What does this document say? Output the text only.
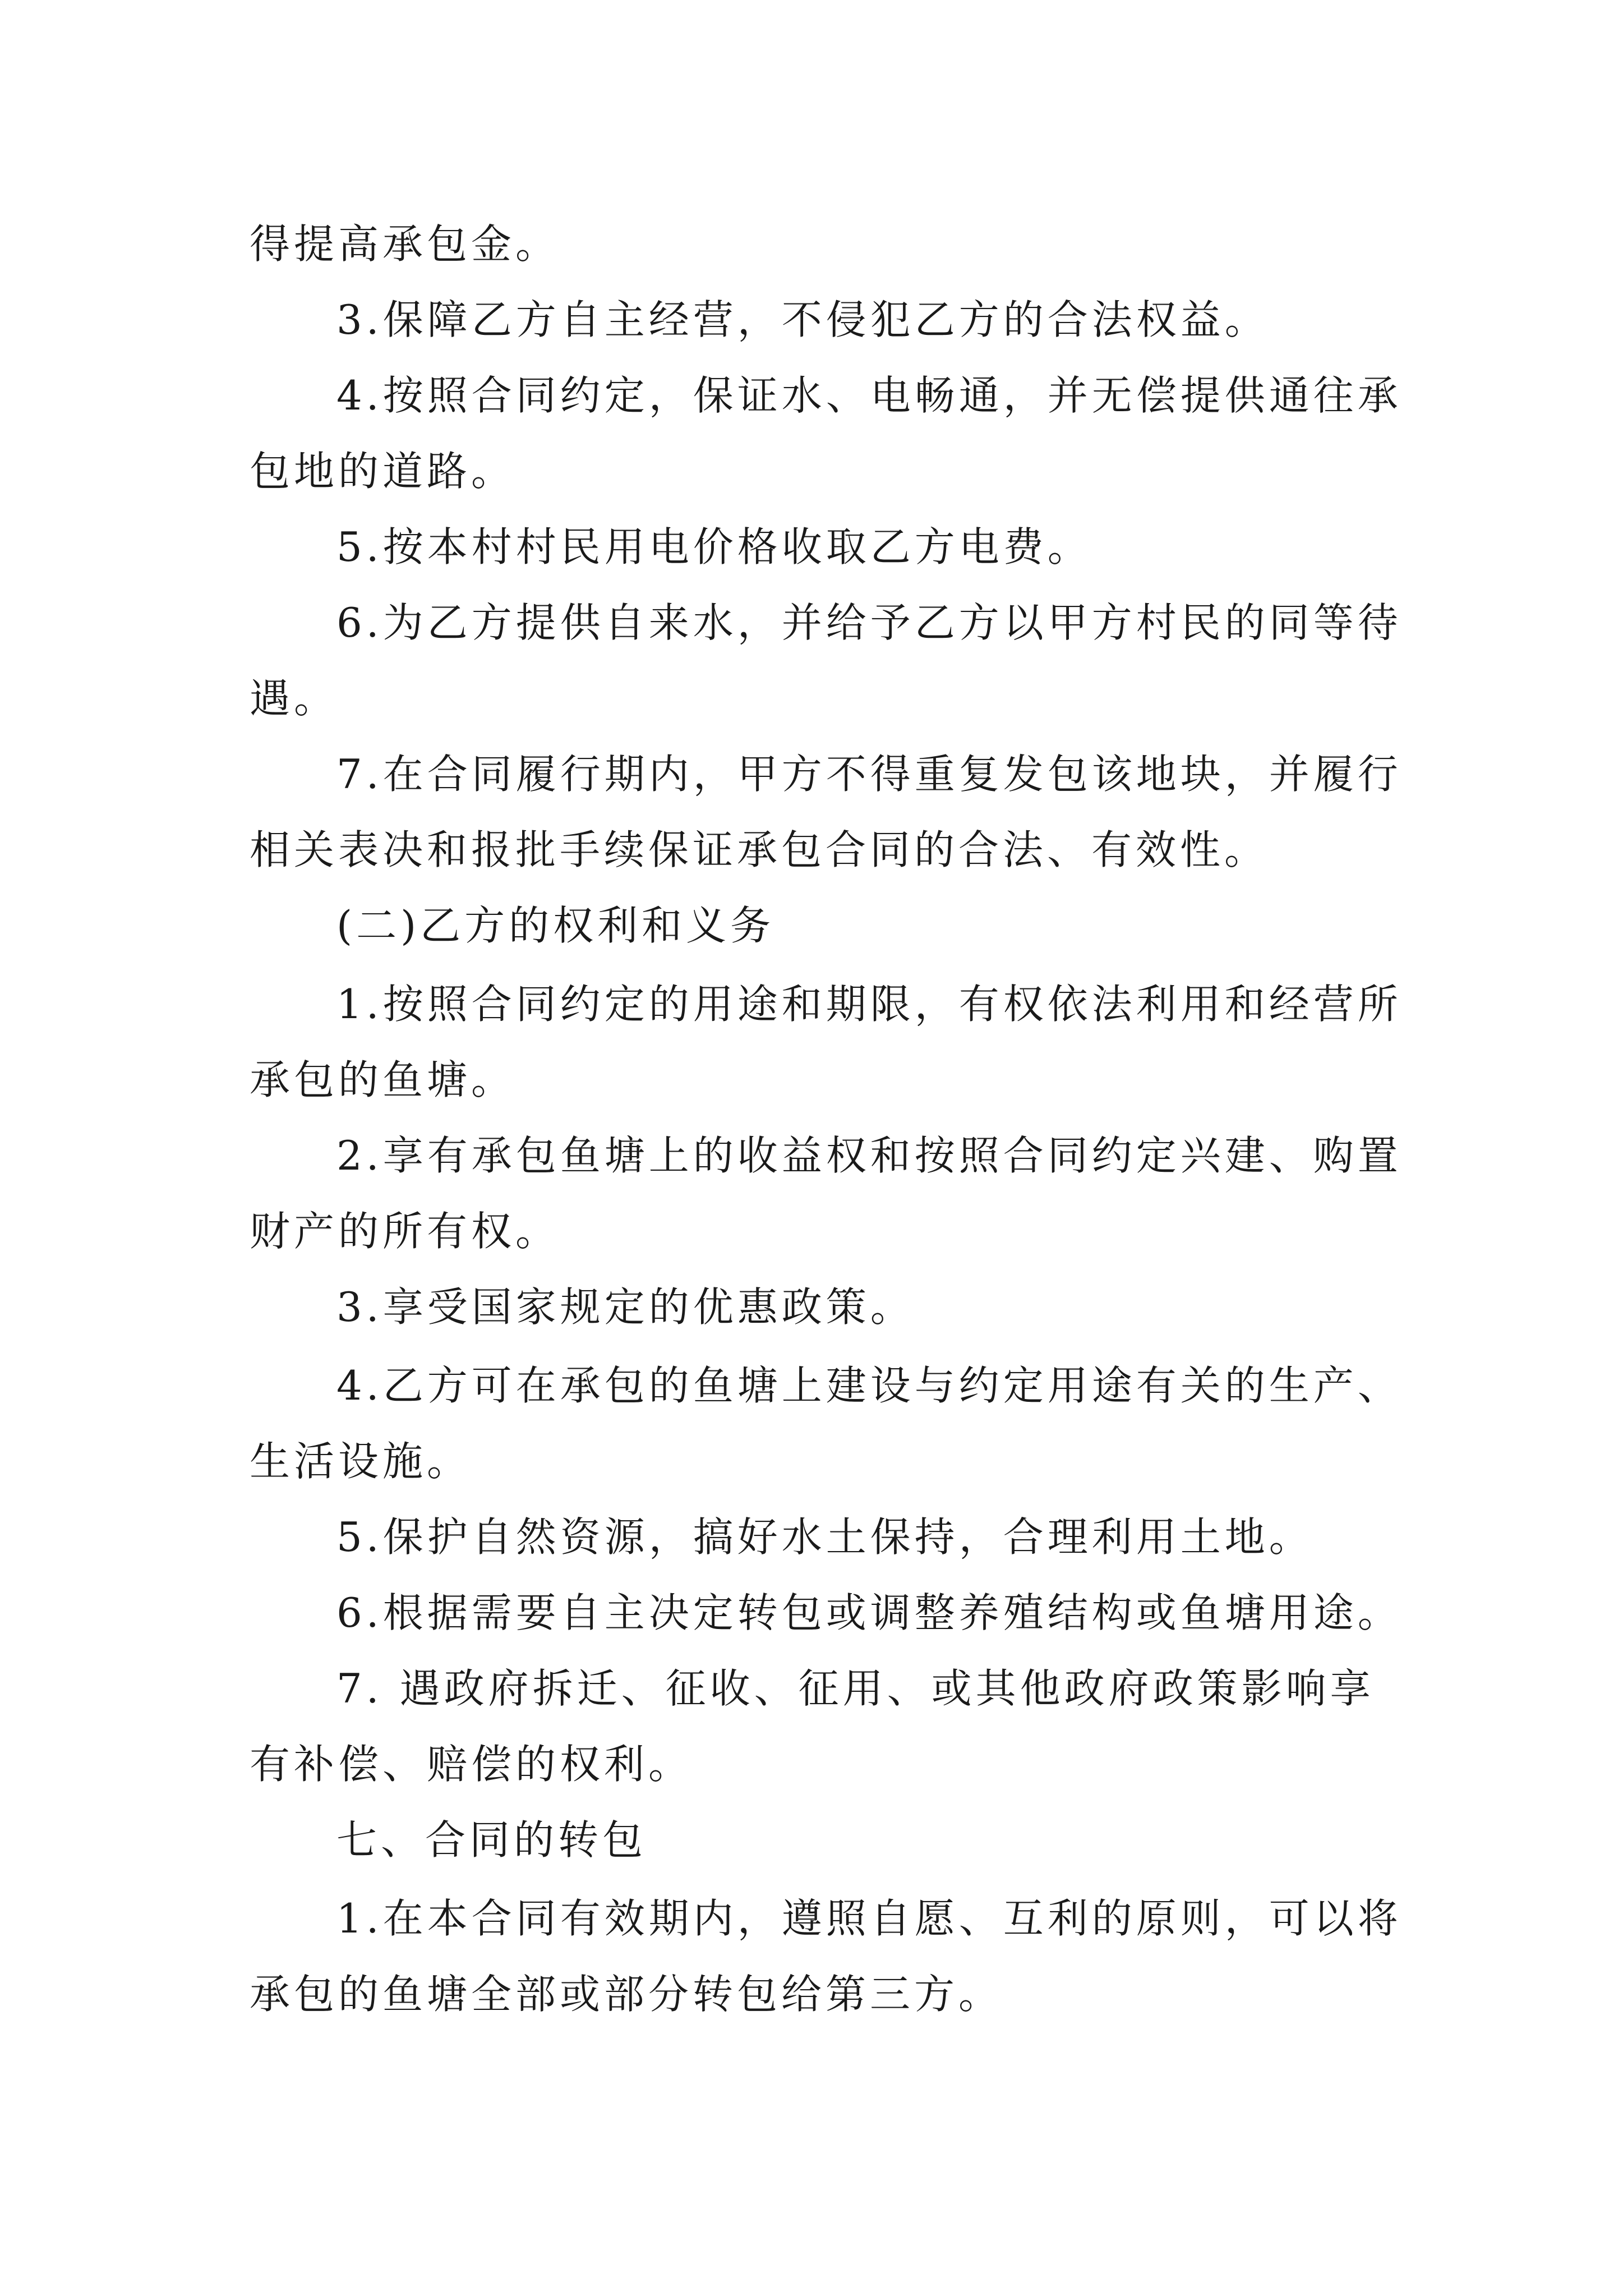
得提高承包金。
3.保障乙方自主经营，不侵犯乙方的合法权益。
4.按照合同约定，保证水、电畅通，并无偿提供通往承
包地的道路。
5.按本村村民用电价格收取乙方电费。
6.为乙方提供自来水，并给予乙方以甲方村民的同等待
遇。
7.在合同履行期内，甲方不得重复发包该地块，并履行
相关表决和报批手续保证承包合同的合法、有效性。
(二)乙方的权利和义务
1.按照合同约定的用途和期限，有权依法利用和经营所
承包的鱼塘。
2.享有承包鱼塘上的收益权和按照合同约定兴建、购置
财产的所有权。
3.享受国家规定的优惠政策。
4.乙方可在承包的鱼塘上建设与约定用途有关的生产、
生活设施。
5.保护自然资源，搞好水土保持，合理利用土地。
6.根据需要自主决定转包或调整养殖结构或鱼塘用途。
7. 遇政府拆迁、征收、征用、或其他政府政策影响享
有补偿、赔偿的权利。
七、合同的转包
1.在本合同有效期内，遵照自愿、互利的原则，可以将
承包的鱼塘全部或部分转包给第三方。
